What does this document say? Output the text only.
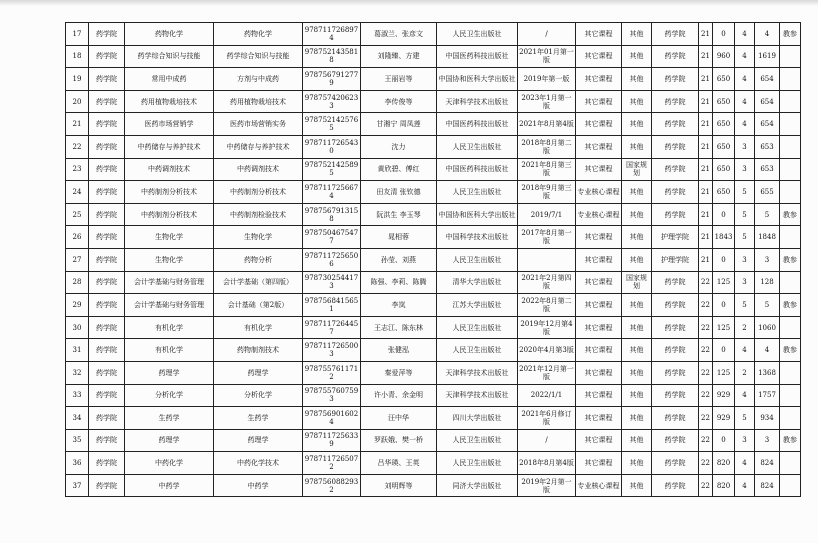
17	药学院	药物化学	药物化学	9787117268974	葛淑兰、张彦文	人民卫生出版社	/	其它课程	其他	药学院	21	0	4	4	教参
18	药学院	药学综合知识与技能	药学综合知识与技能	9787521435818	刘隆臻、方建	中国医药科技出版社	2021年01月第一版	其它课程	其他	药学院	21	960	4	1619	
19	药学院	常用中成药	方剂与中成药	9787567912779	王丽岩等	中国协和医科大学出版社	2019年第一版	其它课程	其他	药学院	21	650	4	654	
20	药学院	药用植物栽培技术	药用植物栽培技术	9787574206233	李传俊等	天津科学技术出版社	2023年1月第一版	其它课程	其他	药学院	21	650	4	654	
21	药学院	医药市场营销学	医药市场营销实务	9787521425765	甘湘宁 周凤莲	中国医药科技出版社	2021年8月第4版	其它课程	其他	药学院	21	650	4	654	
22	药学院	中药储存与养护技术	中药储存与养护技术	9787117265430	沈力	人民卫生出版社	2018年8月第二版	其它课程	其他	药学院	21	650	3	653	
23	药学院	中药调剂技术	中药调剂技术	9787521425895	黄欣碧、傅红	中国医药科技出版社	2021年8月第三版	其它课程	国家规划	药学院	21	650	3	653	
24	药学院	中药制剂分析技术	中药制剂分析技术	9787117256674	田友清 张钦德	人民卫生出版社	2018年9月第三版	专业核心课程	其他	药学院	21	650	5	655	
25	药学院	中药制剂分析技术	中药制剂检验技术	9787567913158	阮洪生 李玉琴	中国协和医科大学出版社	2019/7/1	专业核心课程	其他	药学院	21	0	5	5	教参
26	药学院	生物化学	生物化学	9787504675477	晁相蓉	中国科学技术出版社	2017年8月第一版	其它课程	其他	护理学院	21	1843	5	1848	
27	药学院	生物化学	药物分析	9787117256506	孙莹、刘燕	人民卫生出版社		其它课程	其他	护理学院	21	0	3	3	教参
28	药学院	会计学基础与财务管理	会计学基础（第四版）	9787302544173	陈强、李莉、陈腾	清华大学出版社	2021年2月第四版	其它课程	国家规划	药学院	22	125	3	128	
29	药学院	会计学基础与财务管理	会计基础（第2版）	9787568415651	李岚	江苏大学出版社	2022年8月第二版	其它课程	其他	药学院	22	0	5	5	教参
30	药学院	有机化学	有机化学	9787117264457	王志江、陈东林	人民卫生出版社	2019年12月第4版	其它课程	其他	药学院	22	125	2	1060	
31	药学院	有机化学	药物制剂技术	9787117265003	张健泓	人民卫生出版社	2020年4月第3版	其它课程	其他	药学院	22	0	4	4	教参
32	药学院	药理学	药理学	9787557611712	秦爱萍等	天津科学技术出版社	2021年12月第一版	其它课程	其他	药学院	22	125	2	1368	
33	药学院	分析化学	分析化学	9787557607593	许小青、余金明	天津科学技术出版社	2022/1/1	其它课程	其他	药学院	22	929	4	1757	
34	药学院	生药学	生药学	9787569016024	汪中华	四川大学出版社	2021年6月修订版	其它课程	其他	药学院	22	929	5	934	
35	药学院	药理学	药理学	9787117256339	罗跃娥、樊一桥	人民卫生出版社	/	其它课程	其他	药学院	22	0	3	3	教参
36	药学院	中药化学	中药化学技术	9787117265072	吕华瑛、王英	人民卫生出版社	2018年8月第4版	其它课程	其他	药学院	22	820	4	824	
37	药学院	中药学	中药学	9787560882932	刘明辉等	同济大学出版社	2019年2月第一版	专业核心课程	其他	药学院	22	820	4	824	
